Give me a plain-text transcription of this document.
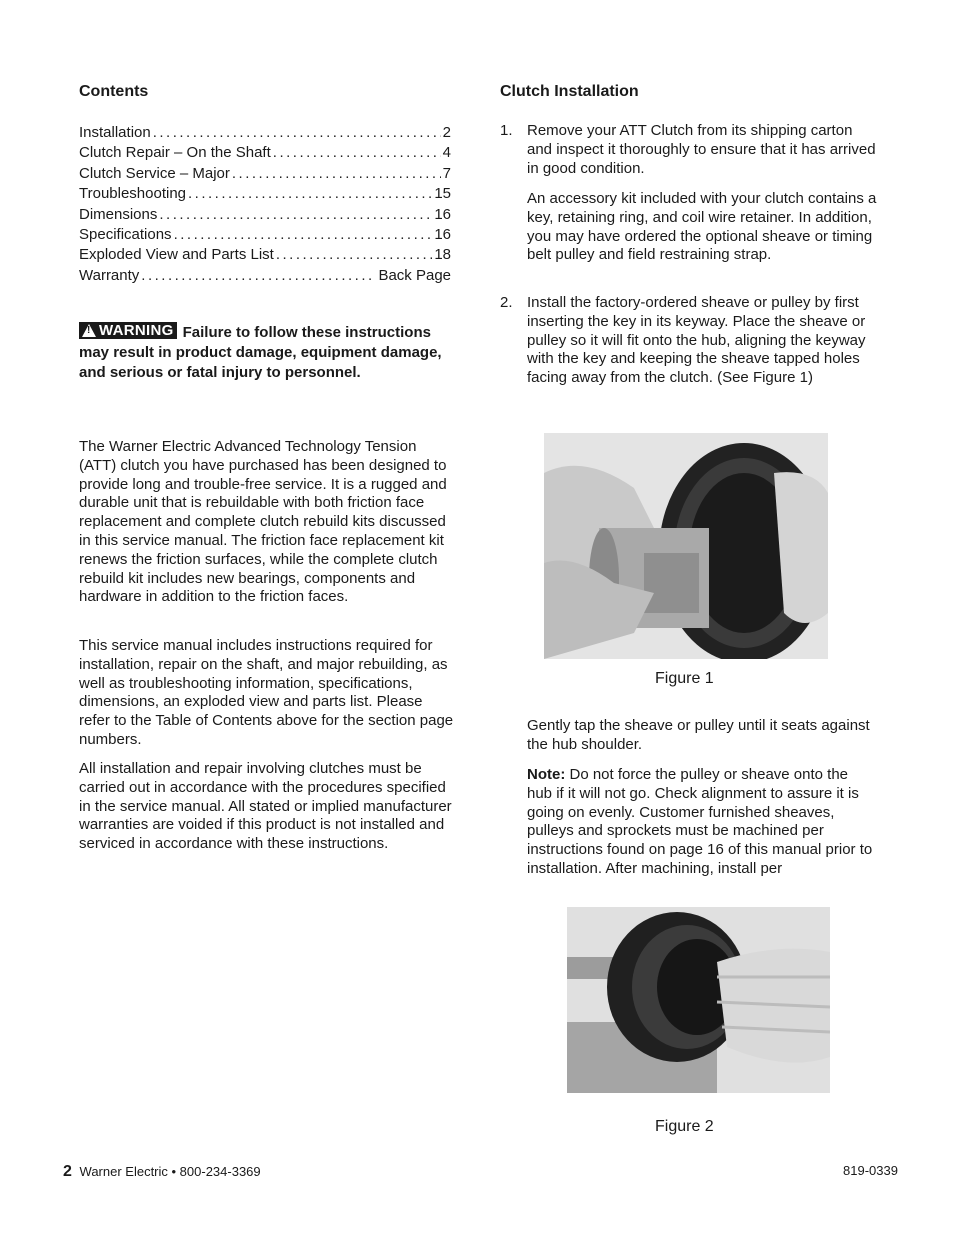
Contents
Installation .....	2
Clutch Repair – On the Shaft .....	4
Clutch Service – Major .....	7
Troubleshooting .....	15
Dimensions .....	16
Specifications .....	16
Exploded View and Parts List .....	18
Warranty .....	Back Page
!
WARNING Failure to follow these instructions may result in product damage, equipment damage, and serious or fatal injury to personnel.

The Warner Electric Advanced Technology Tension (ATT) clutch you have purchased has been designed to provide long and trouble-free service. It is a rugged and durable unit that is rebuildable with both friction face replacement and complete clutch rebuild kits discussed in this service manual. The friction face replacement kit renews the friction surfaces, while the complete clutch rebuild kit includes new bearings, components and hardware in addition to the friction faces.

This service manual includes instructions required for installation, repair on the shaft, and major rebuilding, as well as troubleshooting information, specifications, dimensions, an exploded view and parts list. Please refer to the Table of Contents above for the section page numbers.

All installation and repair involving clutches must be carried out in accordance with the procedures specified in the service manual. All stated or implied manufacturer warranties are voided if this product is not installed and serviced in accordance with these instructions.

Clutch Installation
1. Remove your ATT Clutch from its shipping carton and inspect it thoroughly to ensure that it has arrived in good condition.

An accessory kit included with your clutch contains a key, retaining ring, and coil wire retainer. In addition, you may have ordered the optional sheave or timing belt pulley and field restraining strap.

2. Install the factory-ordered sheave or pulley by first inserting the key in its keyway. Place the sheave or pulley so it will fit onto the hub, aligning the keyway with the key and keeping the sheave tapped holes facing away from the clutch. (See Figure 1)

Figure 1

Gently tap the sheave or pulley until it seats against the hub shoulder.

Note: Do not force the pulley or sheave onto the hub if it will not go. Check alignment to assure it is going on evenly. Customer furnished sheaves, pulleys and sprockets must be machined per instructions found on page 16 of this manual prior to installation. After machining, install per

Figure 2
2 Warner Electric • 800-234-3369	819-0339
